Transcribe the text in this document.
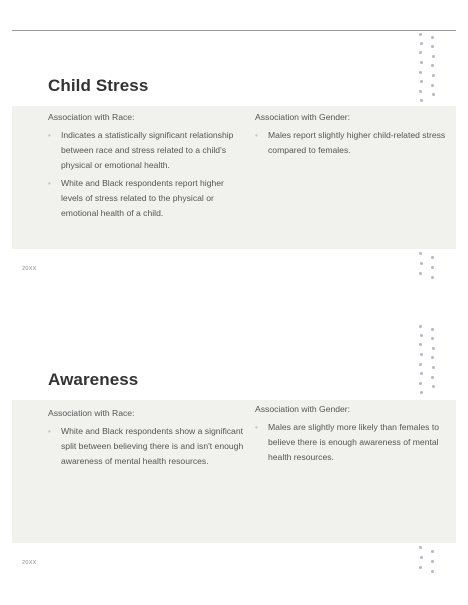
Child Stress
Association with Race:
• Indicates a statistically significant relationship between race and stress related to a child's physical or emotional health.
• White and Black respondents report higher levels of stress related to the physical or emotional health of a child.
Association with Gender:
• Males report slightly higher child-related stress compared to females.
20XX
Awareness
Association with Race:
• White and Black respondents show a significant split between believing there is and isn't enough awareness of mental health resources.
Association with Gender:
• Males are slightly more likely than females to believe there is enough awareness of mental health resources.
20XX
